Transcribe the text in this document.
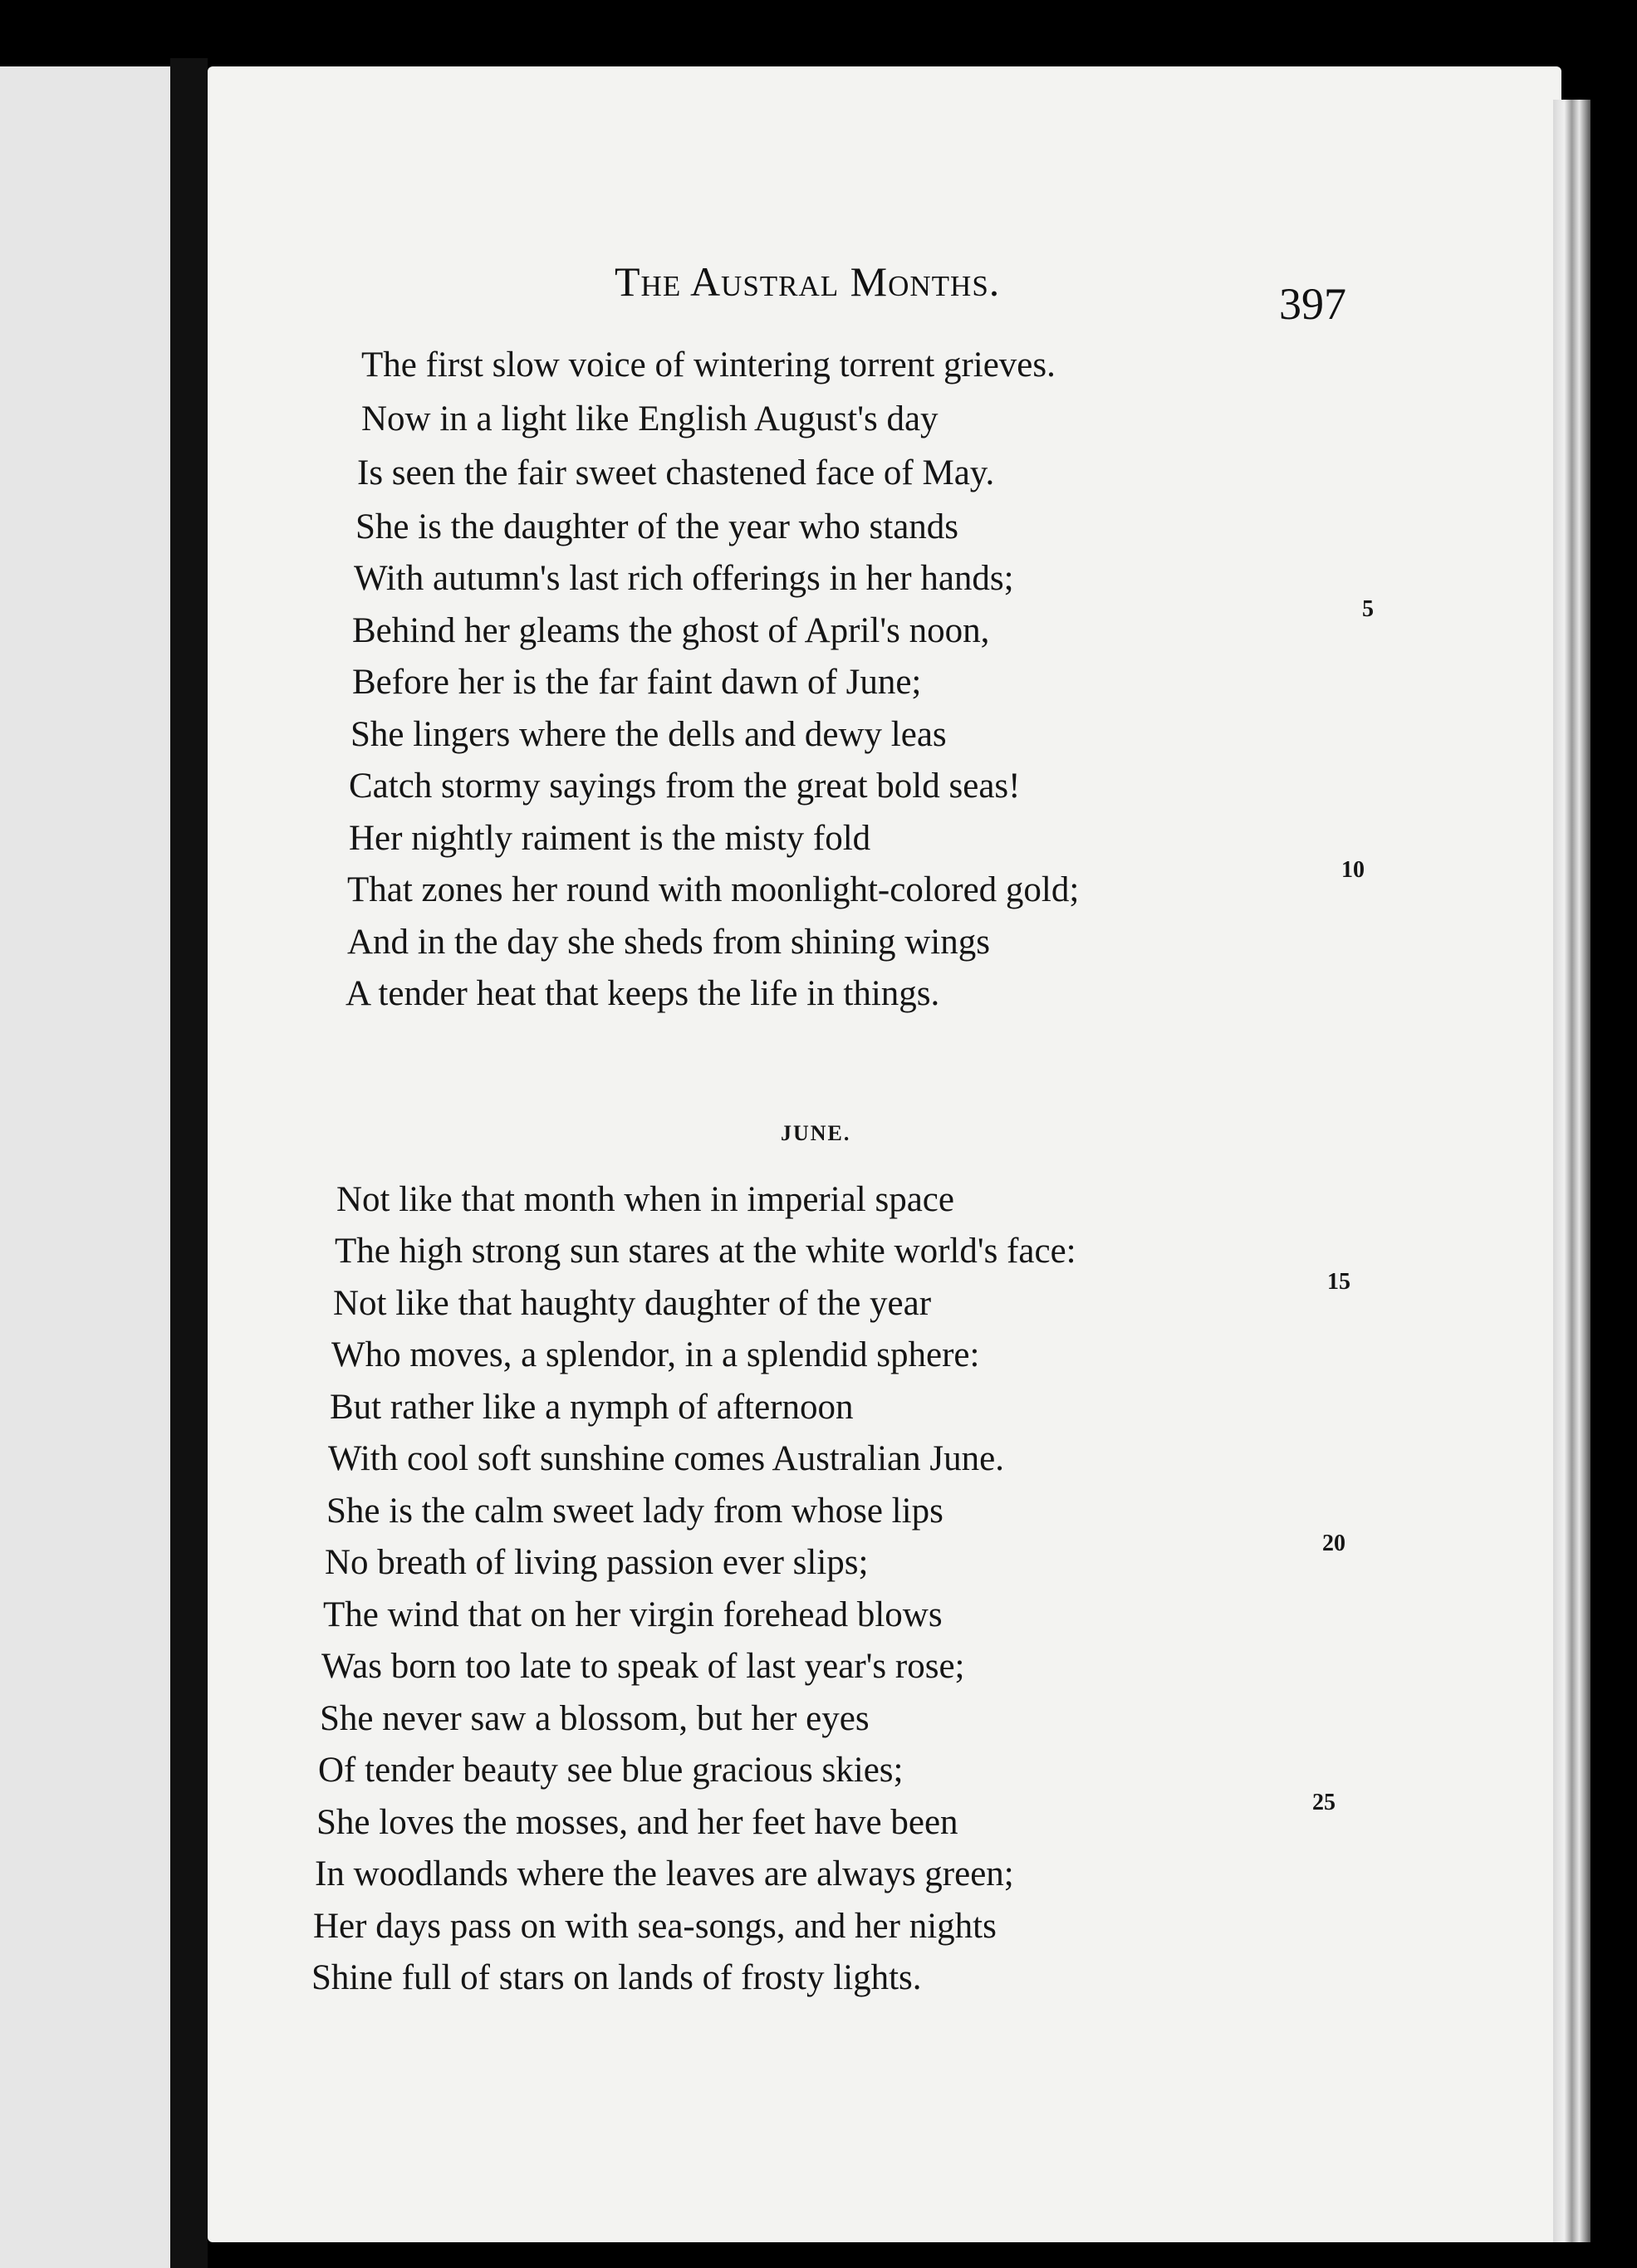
The Austral Months.	397
The first slow voice of wintering torrent grieves.
Now in a light like English August's day
Is seen the fair sweet chastened face of May.
She is the daughter of the year who stands
With autumn's last rich offerings in her hands;
Behind her gleams the ghost of April's noon,
Before her is the far faint dawn of June;
She lingers where the dells and dewy leas
Catch stormy sayings from the great bold seas!
Her nightly raiment is the misty fold
That zones her round with moonlight-colored gold;
And in the day she sheds from shining wings
A tender heat that keeps the life in things.
5
10
JUNE.
Not like that month when in imperial space
The high strong sun stares at the white world's face:
Not like that haughty daughter of the year
Who moves, a splendor, in a splendid sphere:
But rather like a nymph of afternoon
With cool soft sunshine comes Australian June.
She is the calm sweet lady from whose lips
No breath of living passion ever slips;
The wind that on her virgin forehead blows
Was born too late to speak of last year's rose;
She never saw a blossom, but her eyes
Of tender beauty see blue gracious skies;
She loves the mosses, and her feet have been
In woodlands where the leaves are always green;
Her days pass on with sea-songs, and her nights
Shine full of stars on lands of frosty lights.
15
20
25
